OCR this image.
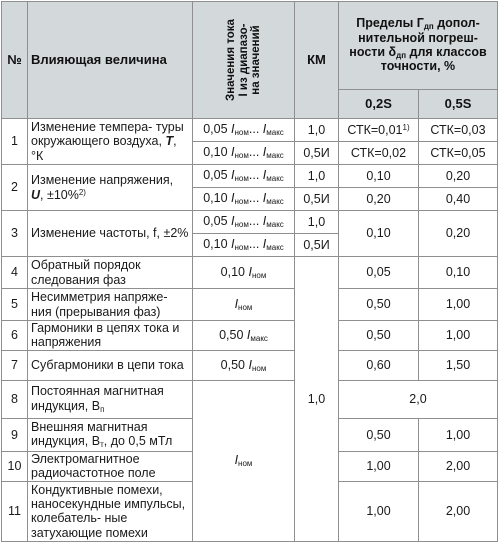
№	Влияющая величина	Значения тока I из диапазо- на значений	КМ	Пределы $Г_{дп}$ допол- нительной погреш- ности $\delta_{дп}$ для классов точности, %	
				0,2S	0,5S
1	Изменение темпера- туры окружающего воздуха, T, °К	0,05 $I_{ном}$... $I_{макс}$	1,0	$СТК=0,01^{1)}$	СТК=0,03
		0,10 $I_{ном}$... $I_{макс}$	0,5И	СТК=0,02	СТК=0,05
2	Изменение напряжения, U, ±10%$^{2)}$	0,05 $I_{ном}$... $I_{макс}$	1,0	0,10	0,20
		0,10 $I_{ном}$... $I_{макс}$	0,5И	0,20	0,40
3	Изменение частоты, f, ±2%	0,05 $I_{ном}$... $I_{макс}$	1,0	0,10	0,20
		0,10 $I_{ном}$... $I_{макс}$	0,5И		
4	Обратный порядок следования фаз	0,10 $I_{ном}$	1,0	0,05	0,10
5	Несимметрия напряже- ния (прерывания фаз)	$I_{ном}$		0,50	1,00
6	Гармоники в цепях тока и напряжения	0,50 $I_{макс}$		0,50	1,00
7	Субгармоники в цепи тока	0,50 $I_{ном}$		0,60	1,50
8	Постоянная магнитная индукция, $B_п$	$I_{ном}$		2,0	
9	Внешняя магнитная индукция, $B_т$, до 0,5 мТл			0,50	1,00
10	Электромагнитное радиочастотное поле			1,00	2,00
11	Кондуктивные помехи, наносекундные импульсы, колебатель- ные затухающие помехи			1,00	2,00
